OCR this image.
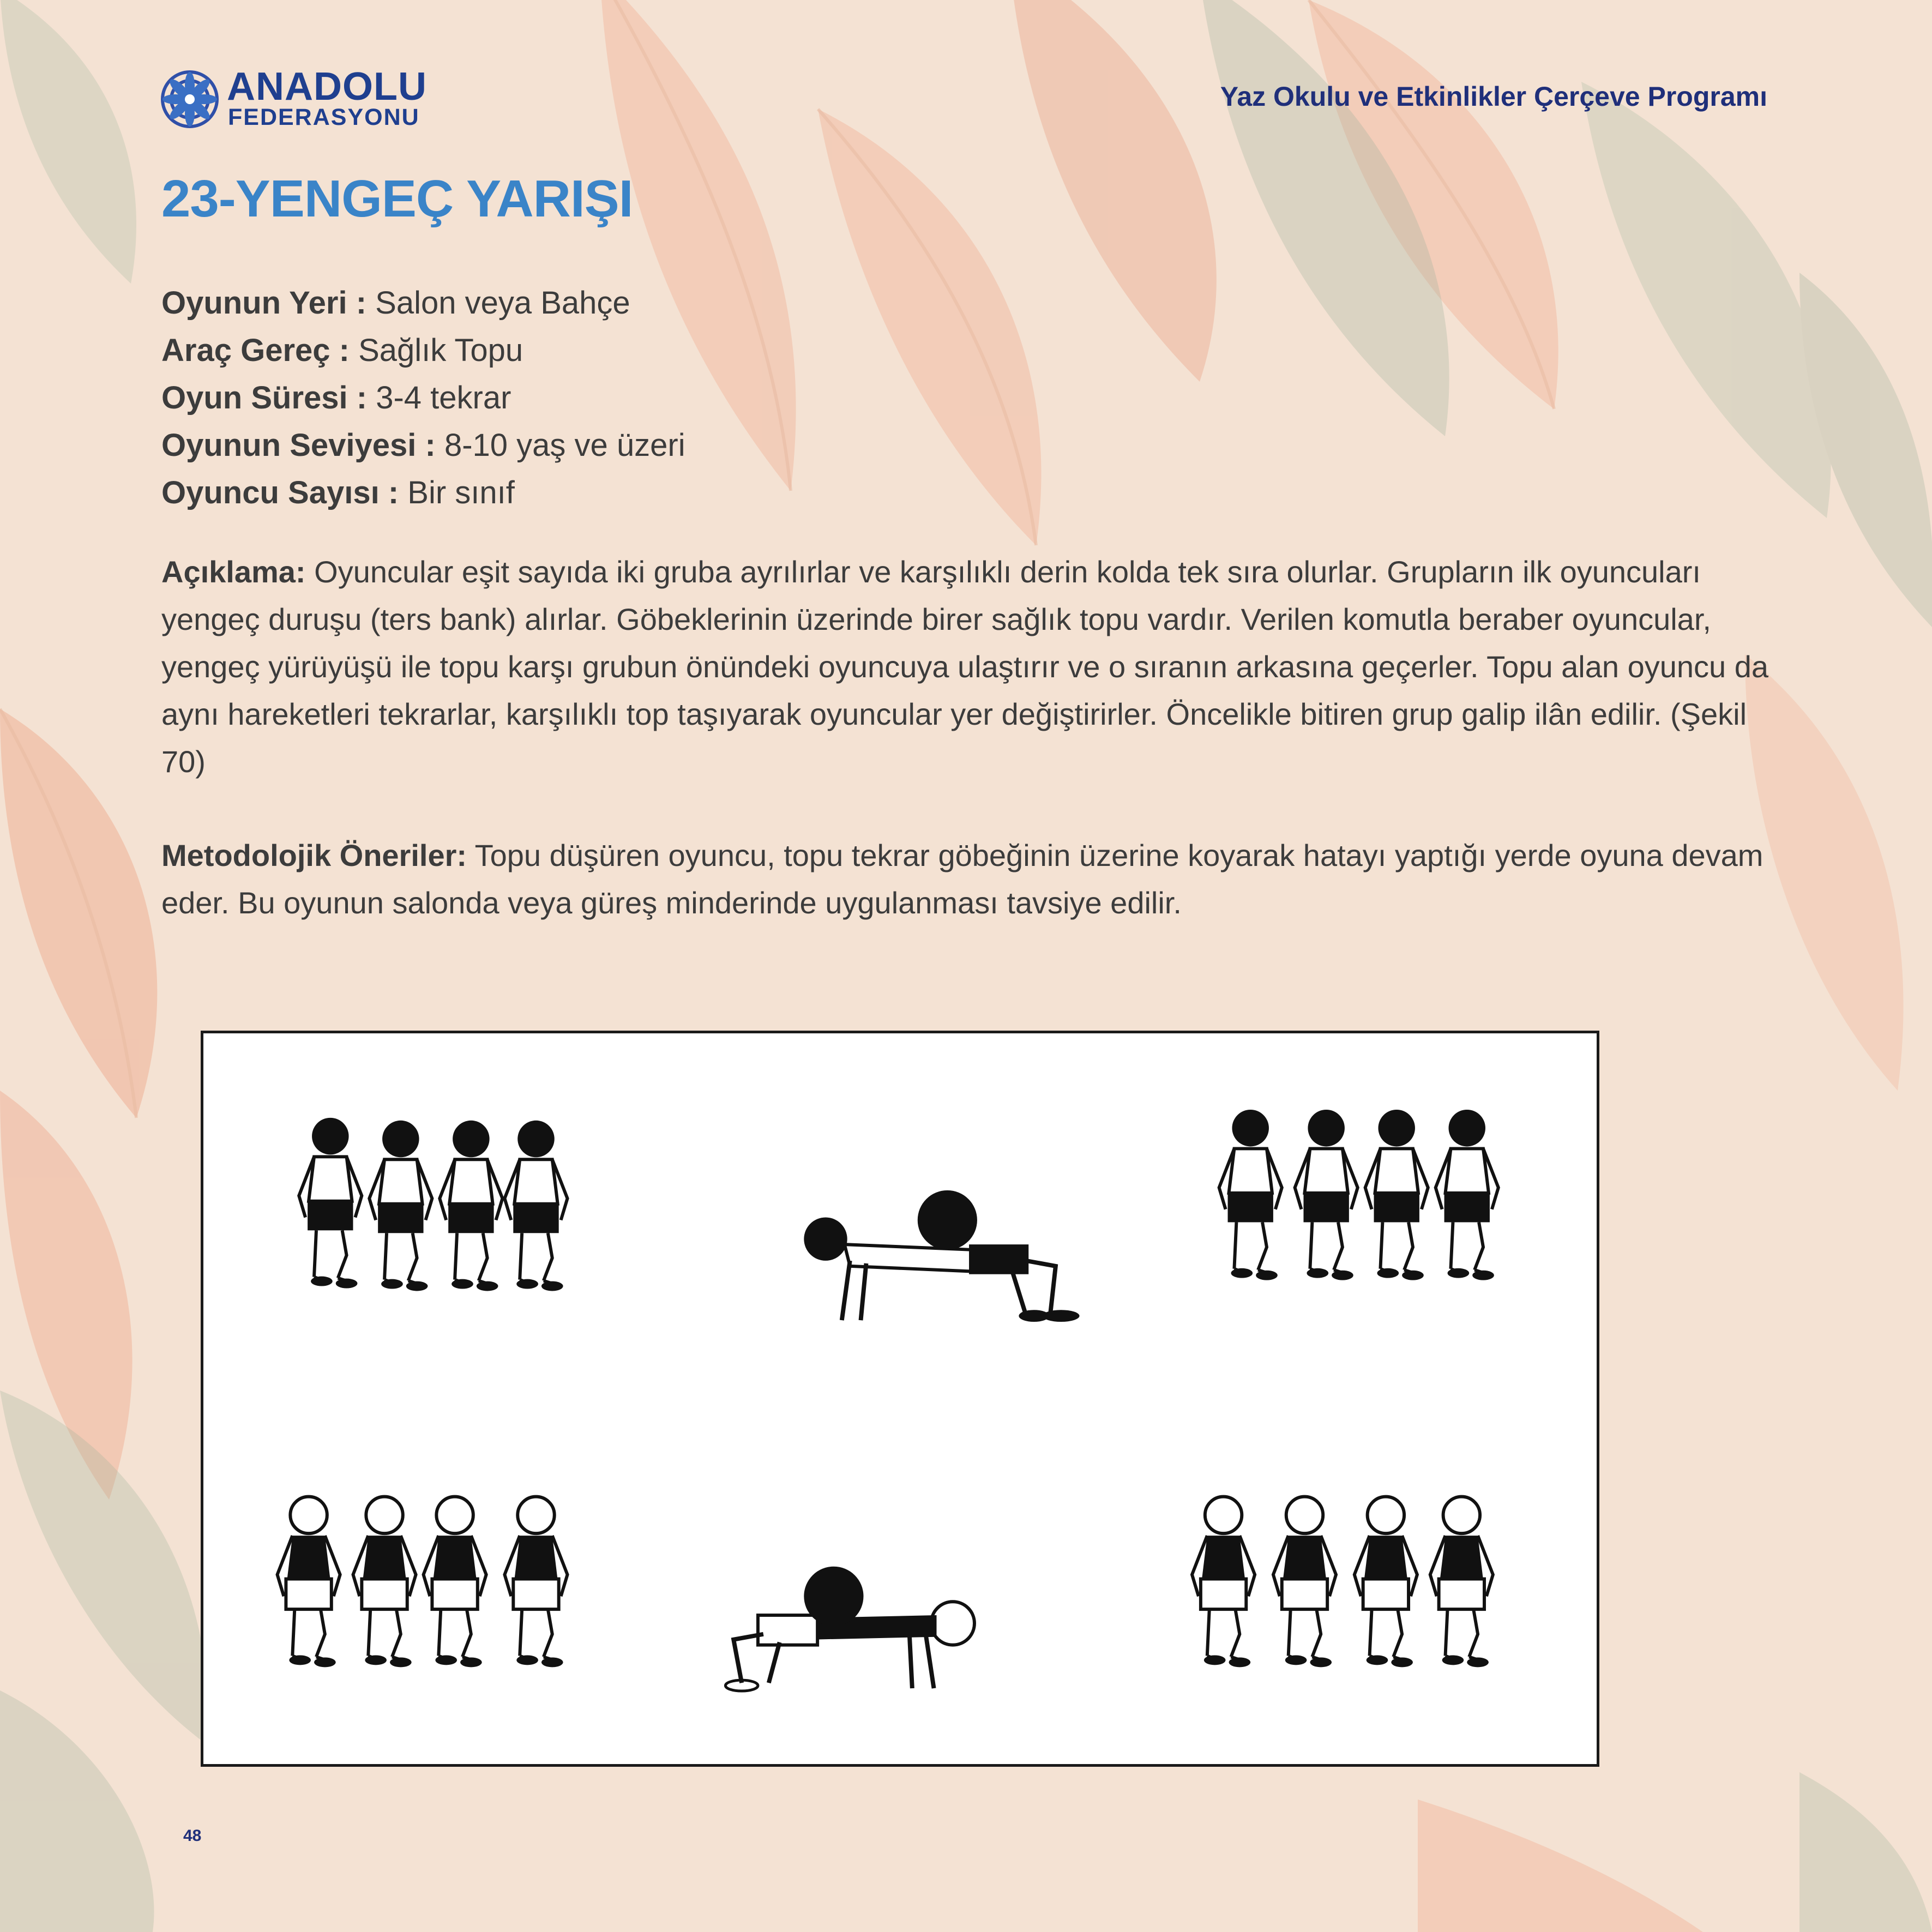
ANADOLU
FEDERASYONU
Yaz Okulu ve Etkinlikler Çerçeve Programı
23-YENGEÇ YARIŞI
Oyunun Yeri : Salon veya Bahçe
Araç Gereç : Sağlık Topu
Oyun Süresi : 3-4 tekrar
Oyunun Seviyesi : 8-10 yaş ve üzeri
Oyuncu Sayısı : Bir sınıf
Açıklama: Oyuncular eşit sayıda iki gruba ayrılırlar ve karşılıklı derin kolda tek sıra olurlar. Grupların ilk oyuncuları yengeç duruşu (ters bank) alırlar. Göbeklerinin üzerinde birer sağlık topu vardır. Verilen komutla beraber oyuncular, yengeç yürüyüşü ile topu karşı grubun önündeki oyuncuya ulaştırır ve o sıranın arkasına geçerler. Topu alan oyuncu da aynı hareketleri tekrarlar, karşılıklı top taşıyarak oyuncular yer değiştirirler. Öncelikle bitiren grup galip ilân edilir. (Şekil 70)
Metodolojik Öneriler: Topu düşüren oyuncu, topu tekrar göbeğinin üzerine koyarak hatayı yaptığı yerde oyuna devam eder. Bu oyunun salonda veya güreş minderinde uygulanması tavsiye edilir.
48
